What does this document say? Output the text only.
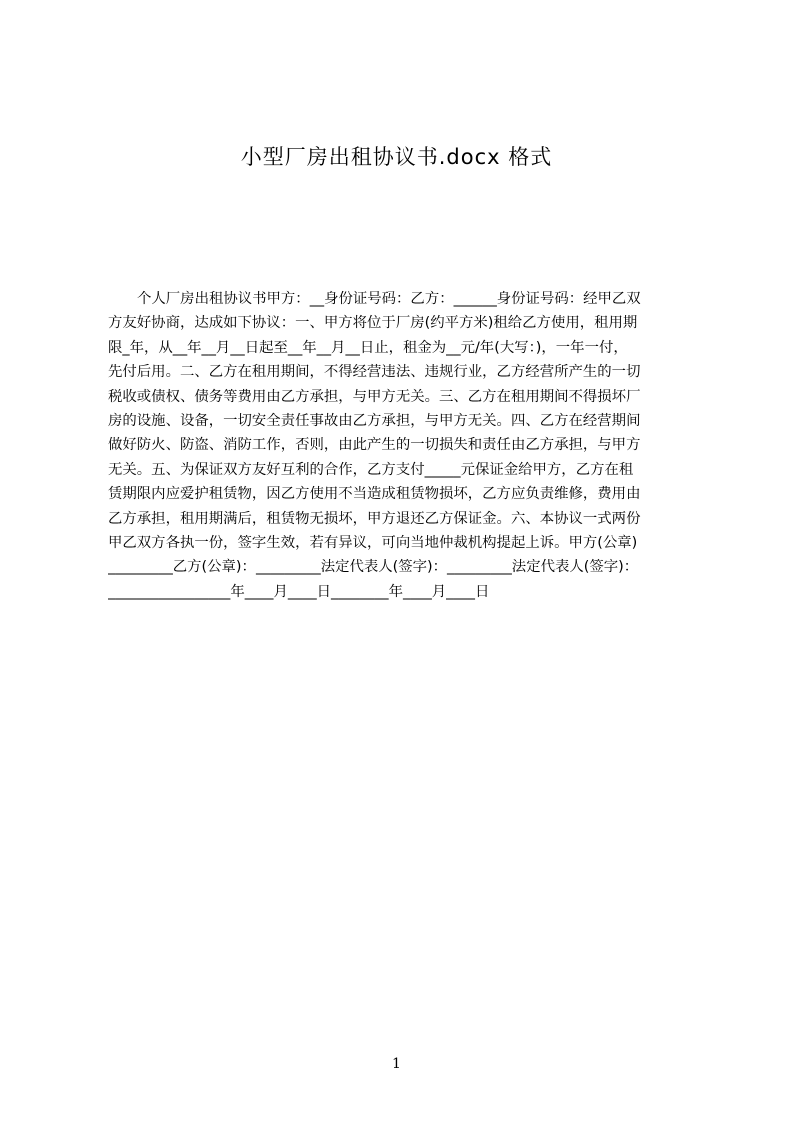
小型厂房出租协议书.docx 格式
个人厂房出租协议书甲方：__身份证号码：乙方：______身份证号码：经甲乙双
方友好协商，达成如下协议：一、甲方将位于厂房(约平方米)租给乙方使用，租用期
限_年，从__年__月__日起至__年__月__日止，租金为__元/年(大写：)，一年一付，
先付后用。二、乙方在租用期间，不得经营违法、违规行业，乙方经营所产生的一切
税收或债权、债务等费用由乙方承担，与甲方无关。三、乙方在租用期间不得损坏厂
房的设施、设备，一切安全责任事故由乙方承担，与甲方无关。四、乙方在经营期间
做好防火、防盗、消防工作，否则，由此产生的一切损失和责任由乙方承担，与甲方
无关。五、为保证双方友好互利的合作，乙方支付_____元保证金给甲方，乙方在租
赁期限内应爱护租赁物，因乙方使用不当造成租赁物损坏，乙方应负责维修，费用由
乙方承担，租用期满后，租赁物无损坏，甲方退还乙方保证金。六、本协议一式两份
甲乙双方各执一份，签字生效，若有异议，可向当地仲裁机构提起上诉。甲方(公章)
_________乙方(公章)：_________法定代表人(签字)：_________法定代表人(签字)：
_________________年____月____日________年____月____日
1
